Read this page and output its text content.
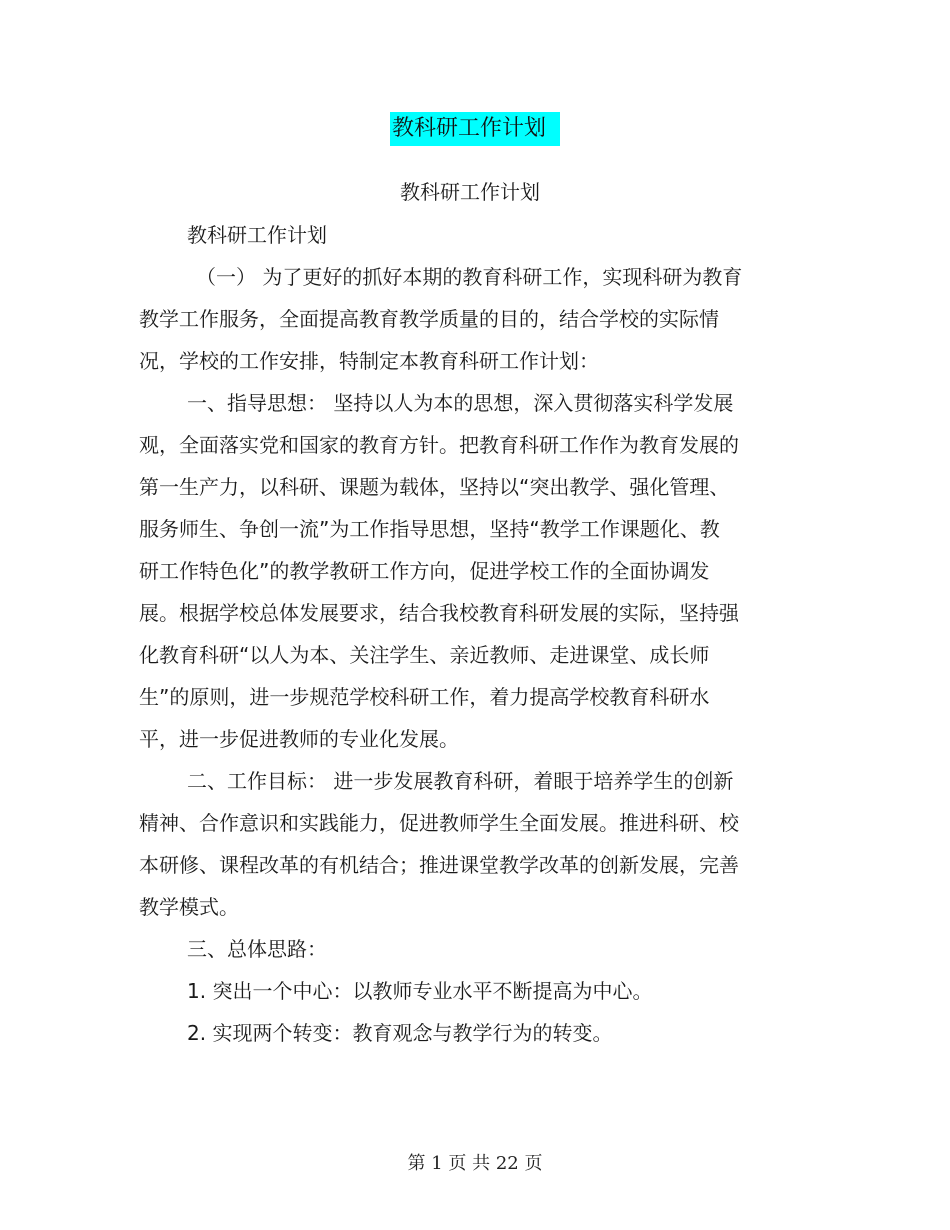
教科研工作计划
教科研工作计划
教科研工作计划
（一） 为了更好的抓好本期的教育科研工作，实现科研为教育
教学工作服务，全面提高教育教学质量的目的，结合学校的实际情
况，学校的工作安排，特制定本教育科研工作计划：
一、指导思想： 坚持以人为本的思想，深入贯彻落实科学发展
观，全面落实党和国家的教育方针。把教育科研工作作为教育发展的
第一生产力，以科研、课题为载体，坚持以“突出教学、强化管理、
服务师生、争创一流”为工作指导思想，坚持“教学工作课题化、教
研工作特色化”的教学教研工作方向，促进学校工作的全面协调发
展。根据学校总体发展要求，结合我校教育科研发展的实际，坚持强
化教育科研“以人为本、关注学生、亲近教师、走进课堂、成长师
生”的原则，进一步规范学校科研工作，着力提高学校教育科研水
平，进一步促进教师的专业化发展。
二、工作目标： 进一步发展教育科研，着眼于培养学生的创新
精神、合作意识和实践能力，促进教师学生全面发展。推进科研、校
本研修、课程改革的有机结合；推进课堂教学改革的创新发展，完善
教学模式。
三、总体思路：
1. 突出一个中心：以教师专业水平不断提高为中心。
2. 实现两个转变：教育观念与教学行为的转变。
第 1 页 共 22 页
